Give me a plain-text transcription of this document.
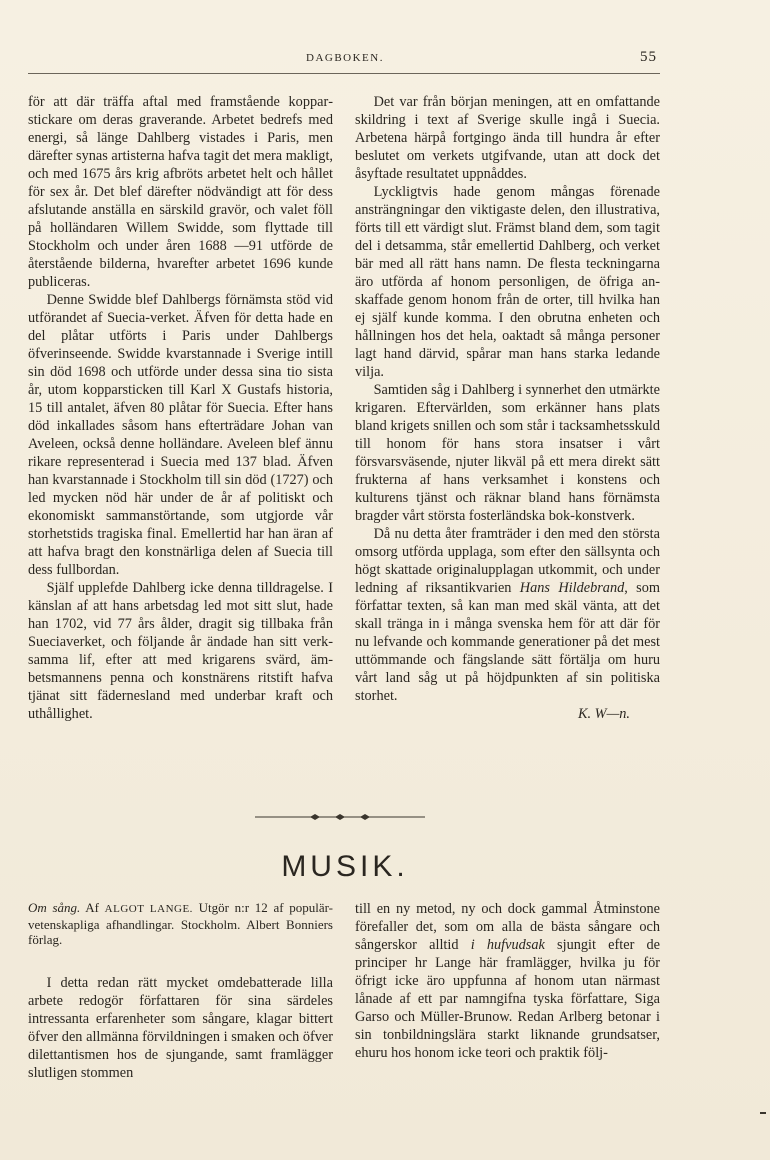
DAGBOKEN.	55

för att där träffa aftal med framstående kopparstickare om deras graverande. Arbetet bedrefs med energi, så länge Dahlberg vistades i Paris, men därefter synas artisterna hafva tagit det mera makligt, och med 1675 års krig afbröts arbetet helt och hållet för sex år. Det blef därefter nödvändigt att för dess afslutande anställa en särskild gravör, och valet föll på holländaren Willem Swidde, som flyttade till Stockholm och under åren 1688 —91 utförde de återstående bilderna, hvarefter arbetet 1696 kunde publiceras.

Denne Swidde blef Dahlbergs förnämsta stöd vid utförandet af Suecia-verket. Äfven för detta hade en del plåtar utförts i Paris under Dahlbergs öfverinseende. Swidde kvarstannade i Sverige intill sin död 1698 och utförde under dessa sina tio sista år, utom kopparsticken till Karl X Gustafs historia, 15 till antalet, äfven 80 plåtar för Suecia. Efter hans död inkallades såsom hans efterträdare Johan van Aveleen, också denne holländare. Aveleen blef ännu rikare representerad i Suecia med 137 blad. Äfven han kvarstannade i Stockholm till sin död (1727) och led mycken nöd här under de år af politiskt och ekonomiskt sammanstörtande, som utgjorde vår storhetstids tragiska final. Emellertid har han äran af att hafva bragt den konstnärliga delen af Suecia till dess fullbordan.

Själf upplefde Dahlberg icke denna tilldragelse. I känslan af att hans arbetsdag led mot sitt slut, hade han 1702, vid 77 års ålder, dragit sig tillbaka från Sueciaverket, och följande år ändade han sitt verksamma lif, efter att med krigarens svärd, ämbetsmannens penna och konstnärens ritstift hafva tjänat sitt fädernesland med underbar kraft och uthållighet.

Det var från början meningen, att en omfattande skildring i text af Sverige skulle ingå i Suecia. Arbetena härpå fortgingo ända till hundra år efter beslutet om verkets utgifvande, utan att dock det åsyftade resultatet uppnåddes.

Lyckligtvis hade genom mångas förenade ansträngningar den viktigaste delen, den illustrativa, förts till ett värdigt slut. Främst bland dem, som tagit del i detsamma, står emellertid Dahlberg, och verket bär med all rätt hans namn. De flesta teckningarna äro utförda af honom personligen, de öfriga anskaffade genom honom från de orter, till hvilka han ej själf kunde komma. I den obrutna enheten och hållningen hos det hela, oaktadt så många personer lagt hand därvid, spårar man hans starka ledande vilja.

Samtiden såg i Dahlberg i synnerhet den utmärkte krigaren. Eftervärlden, som erkänner hans plats bland krigets snillen och som står i tacksamhetsskuld till honom för hans stora insatser i vårt försvarsväsende, njuter likväl på ett mera direkt sätt frukterna af hans verksamhet i konstens och kulturens tjänst och räknar bland hans förnämsta bragder vårt största fosterländska bok-konstverk.

Då nu detta åter framträder i den med den största omsorg utförda upplaga, som efter den sällsynta och högt skattade originalupplagan utkommit, och under ledning af riksantikvarien Hans Hildebrand, som författar texten, så kan man med skäl vänta, att det skall tränga in i många svenska hem för att där för nu lefvande och kommande generationer på det mest uttömmande och fängslande sätt förtälja om huru vårt land såg ut på höjdpunkten af sin politiska storhet.

K. W—n.
MUSIK.
Om sång. Af ALGOT LANGE. Utgör n:r 12 af populär-vetenskapliga afhandlingar. Stockholm. Albert Bonniers förlag.

I detta redan rätt mycket omdebatterade lilla arbete redogör författaren för sina särdeles intressanta erfarenheter som sångare, klagar bittert öfver den allmänna förvildningen i smaken och öfver dilettantismen hos de sjungande, samt framlägger slutligen stommen

till en ny metod, ny och dock gammal Åtminstone förefaller det, som om alla de bästa sångare och sångerskor alltid i hufvudsak sjungit efter de principer hr Lange här framlägger, hvilka ju för öfrigt icke äro uppfunna af honom utan närmast lånade af ett par namngifna tyska författare, Siga Garso och Müller-Brunow. Redan Arlberg betonar i sin tonbildningslära starkt liknande grundsatser, ehuru hos honom icke teori och praktik följ-
